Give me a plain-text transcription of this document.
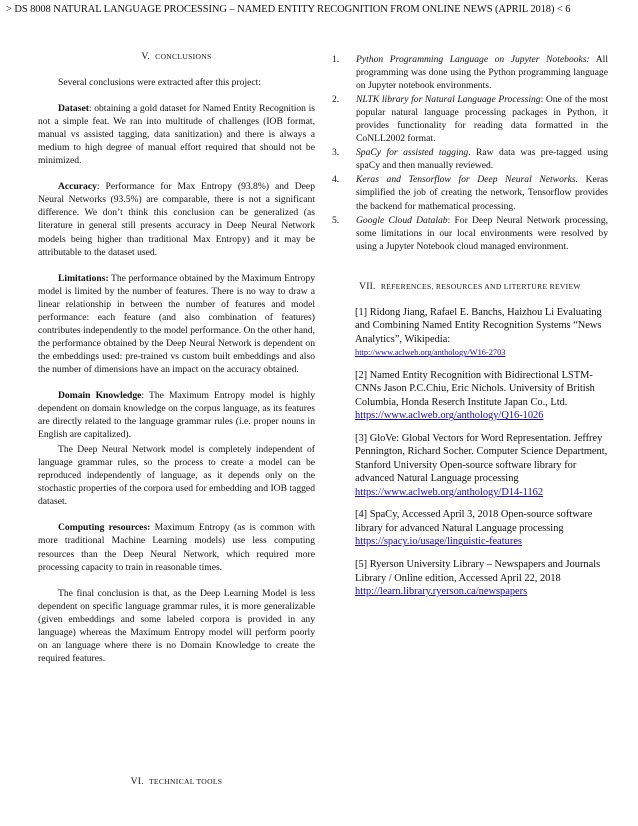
> DS 8008 NATURAL LANGUAGE PROCESSING – NAMED ENTITY RECOGNITION FROM ONLINE NEWS (APRIL 2018) < 6
V. CONCLUSIONS

Several conclusions were extracted after this project:

Dataset: obtaining a gold dataset for Named Entity Recognition is not a simple feat. We ran into multitude of challenges (IOB format, manual vs assisted tagging, data sanitization) and there is always a medium to high degree of manual effort required that should not be minimized.

Accuracy: Performance for Max Entropy (93.8%) and Deep Neural Networks (93.5%) are comparable, there is not a significant difference. We don’t think this conclusion can be generalized (as literature in general still presents accuracy in Deep Neural Network models being higher than traditional Max Entropy) and it may be attributable to the dataset used.

Limitations: The performance obtained by the Maximum Entropy model is limited by the number of features. There is no way to draw a linear relationship in between the number of features and model performance: each feature (and also combination of features) contributes independently to the model performance. On the other hand, the performance obtained by the Deep Neural Network is dependent on the embeddings used: pre-trained vs custom built embeddings and also the number of dimensions have an impact on the accuracy obtained.

Domain Knowledge: The Maximum Entropy model is highly dependent on domain knowledge on the corpus language, as its features are directly related to the language grammar rules (i.e. proper nouns in English are capitalized).

The Deep Neural Network model is completely independent of language grammar rules, so the process to create a model can be reproduced independently of language, as it depends only on the stochastic properties of the corpora used for embedding and IOB tagged dataset.

Computing resources: Maximum Entropy (as is common with more traditional Machine Learning models) use less computing resources than the Deep Neural Network, which required more processing capacity to train in reasonable times.

The final conclusion is that, as the Deep Learning Model is less dependent on specific language grammar rules, it is more generalizable (given embeddings and some labeled corpora is provided in any language) whereas the Maximum Entropy model will perform poorly on an language where there is no Domain Knowledge to create the required features.

VI. TECHNICAL TOOLS
1. Python Programming Language on Jupyter Notebooks: All programming was done using the Python programming language on Jupyter notebook environments.
2. NLTK library for Natural Language Processing: One of the most popular natural language processing packages in Python, it provides functionality for reading data formatted in the CoNLL2002 format.
3. SpaCy for assisted tagging. Raw data was pre-tagged using spaCy and then manually reviewed.
4. Keras and Tensorflow for Deep Neural Networks. Keras simplified the job of creating the network, Tensorflow provides the backend for mathematical processing.
5. Google Cloud Datalab: For Deep Neural Network processing, some limitations in our local environments were resolved by using a Jupyter Notebook cloud managed environment.
VII. REFERENCES, RESOURCES AND LITERTURE REVIEW
[1] Ridong Jiang, Rafael E. Banchs, Haizhou Li Evaluating and Combining Named Entity Recognition Systems “News Analytics”, Wikipedia:
http://www.aclweb.org/anthology/W16-2703
[2] Named Entity Recognition with Bidirectional LSTM-CNNs Jason P.C.Chiu, Eric Nichols. University of British Columbia, Honda Reserch Institute Japan Co., Ltd.
https://www.aclweb.org/anthology/Q16-1026
[3] GloVe: Global Vectors for Word Representation. Jeffrey Pennington, Richard Socher. Computer Science Department, Stanford University Open-source software library for advanced Natural Language processing
https://www.aclweb.org/anthology/D14-1162
[4] SpaCy, Accessed April 3, 2018 Open-source software library for advanced Natural Language processing
https://spacy.io/usage/linguistic-features
[5] Ryerson University Library – Newspapers and Journals Library / Online edition, Accessed April 22, 2018
http://learn.library.ryerson.ca/newspapers
